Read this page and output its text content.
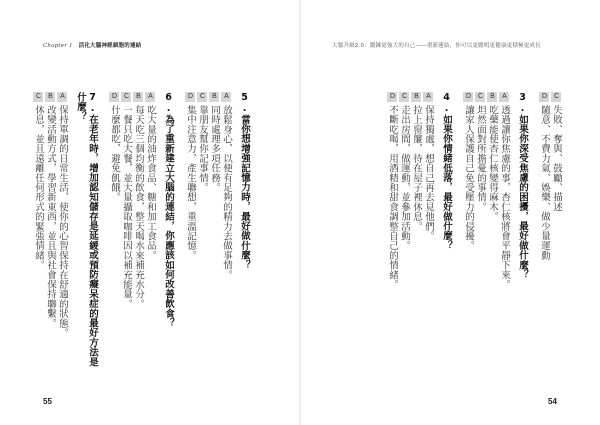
Chapter 1 活化大腦神經細胞的連結
5.當你想增強記憶力時，最好做什麼？
A放鬆身心，以便有足夠的精力去做事情。
B同時處理多項任務。
C靠朋友幫你記事情。
D集中注意力，產生聯想，重溫記憶。
6.為了重新建立大腦的連結，你應該如何改善飲食？
A吃大量的油炸食品、糖和加工食品。
B每天吃三個均衡的飲食，整天喝水來補充水分。
C一餐只吃大餐，並大量攝取咖啡因以補充能量。
D什麼都吃，避免飢餓。
7.在老年時，增加認知儲存是延緩或預防癡呆症的最好方法是什麼？
A保持單調的日常生活，使你的心智保持在舒適的狀態。
B改變活動方式，學習新東西，並且與社會保持聯繫。
C休息，並且遠離任何形式的緊張情緒。
55
大腦升級2.0：鍛鍊更強大的自己——重新連結，你可以更聰明更健康更積極更成長
C失敗、奪與、鼓勵、描述
D隨意、不費力氣、娛樂、做少量運動
3.如果你深受焦慮的困擾，最好做什麼？
A透過讓你焦慮的事，杏仁核將會平靜下來。
B吃藥能使杏仁核變得麻木。
C坦然面對所擔憂的事情。
D讓家人保護自己免受壓力的侵擾。
4.如果你情緒低落，最好做什麼？
A保持獨處，想自己再去見他們。
B拉上窗簾，待在屋子裡休息。
C走出房間，做運動，並參加活動。
D不斷吃喝，用酒精和甜食調整自己的情緒。
54
